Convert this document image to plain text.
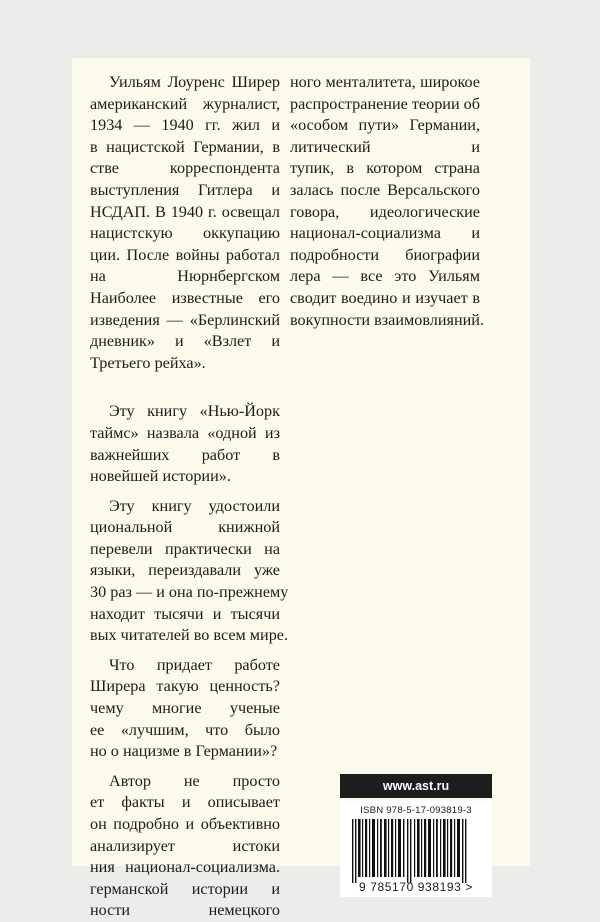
Уильям Лоуренс Ширер
американский журналист,
1934 — 1940 гг. жил и
в нацистской Германии, в
стве корреспондента
выступления Гитлера и
НСДАП. В 1940 г. освещал
нацистскую оккупацию
ции. После войны работал
на Нюрнбергском
Наиболее известные его
изведения — «Берлинский
дневник» и «Взлет и
Третьего рейха».
Эту книгу «Нью-Йорк
таймс» назвала «одной из
важнейших работ в
новейшей истории».
Эту книгу удостоили
циональной книжной
перевели практически на
языки, переиздавали уже
30 раз — и она по-прежнему
находит тысячи и тысячи
вых читателей во всем мире.
Что придает работе
Ширера такую ценность?
чему многие ученые
ее «лучшим, что было
но о нацизме в Германии»?
Автор не просто
ет факты и описывает
он подробно и объективно
анализирует истоки
ния национал-социализма.
германской истории и
ности немецкого
ного менталитета, широкое
распространение теории об
«особом пути» Германии,
литический и
тупик, в котором страна
залась после Версальского
говора, идеологические
национал-социализма и
подробности биографии
лера — все это Уильям
сводит воедино и изучает в
вокупности взаимовлияний.
www.ast.ru
ISBN 978-5-17-093819-3
9 785170 938193 >
